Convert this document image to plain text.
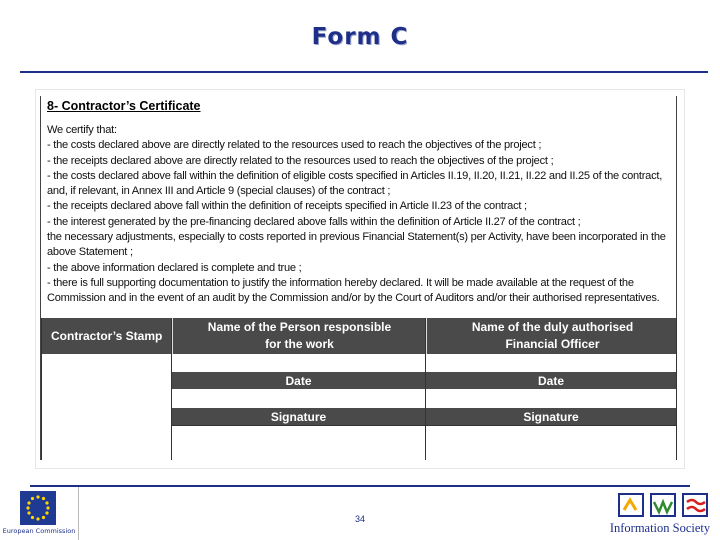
Form C
8- Contractor’s Certificate
We certify that:
- the costs declared above are directly related to the resources used to reach the objectives of the project ;
- the receipts declared above are directly related to the resources used to reach the objectives of the project ;
- the costs declared above fall within the definition of eligible costs specified in Articles II.19, II.20, II.21, II.22 and II.25 of the contract,
and, if relevant, in Annex III and Article 9 (special clauses) of the contract ;
- the receipts declared above fall within the definition of receipts specified in Article II.23 of the contract ;
- the interest generated by the pre-financing declared above falls within the definition of Article II.27 of the contract ;
the necessary adjustments, especially to costs reported in previous Financial Statement(s) per Activity, have been incorporated in the
above Statement ;
- the above information declared is complete and true ;
- there is full supporting documentation to justify the information hereby declared. It will be made available at the request of the
Commission and in the event of an audit by the Commission and/or by the Court of Auditors and/or their authorised representatives.
Contractor’s Stamp
Name of the Person responsible
for the work
Name of the duly authorised
Financial Officer
Date	Date
Signature	Signature
European Commission
34
Information Society
